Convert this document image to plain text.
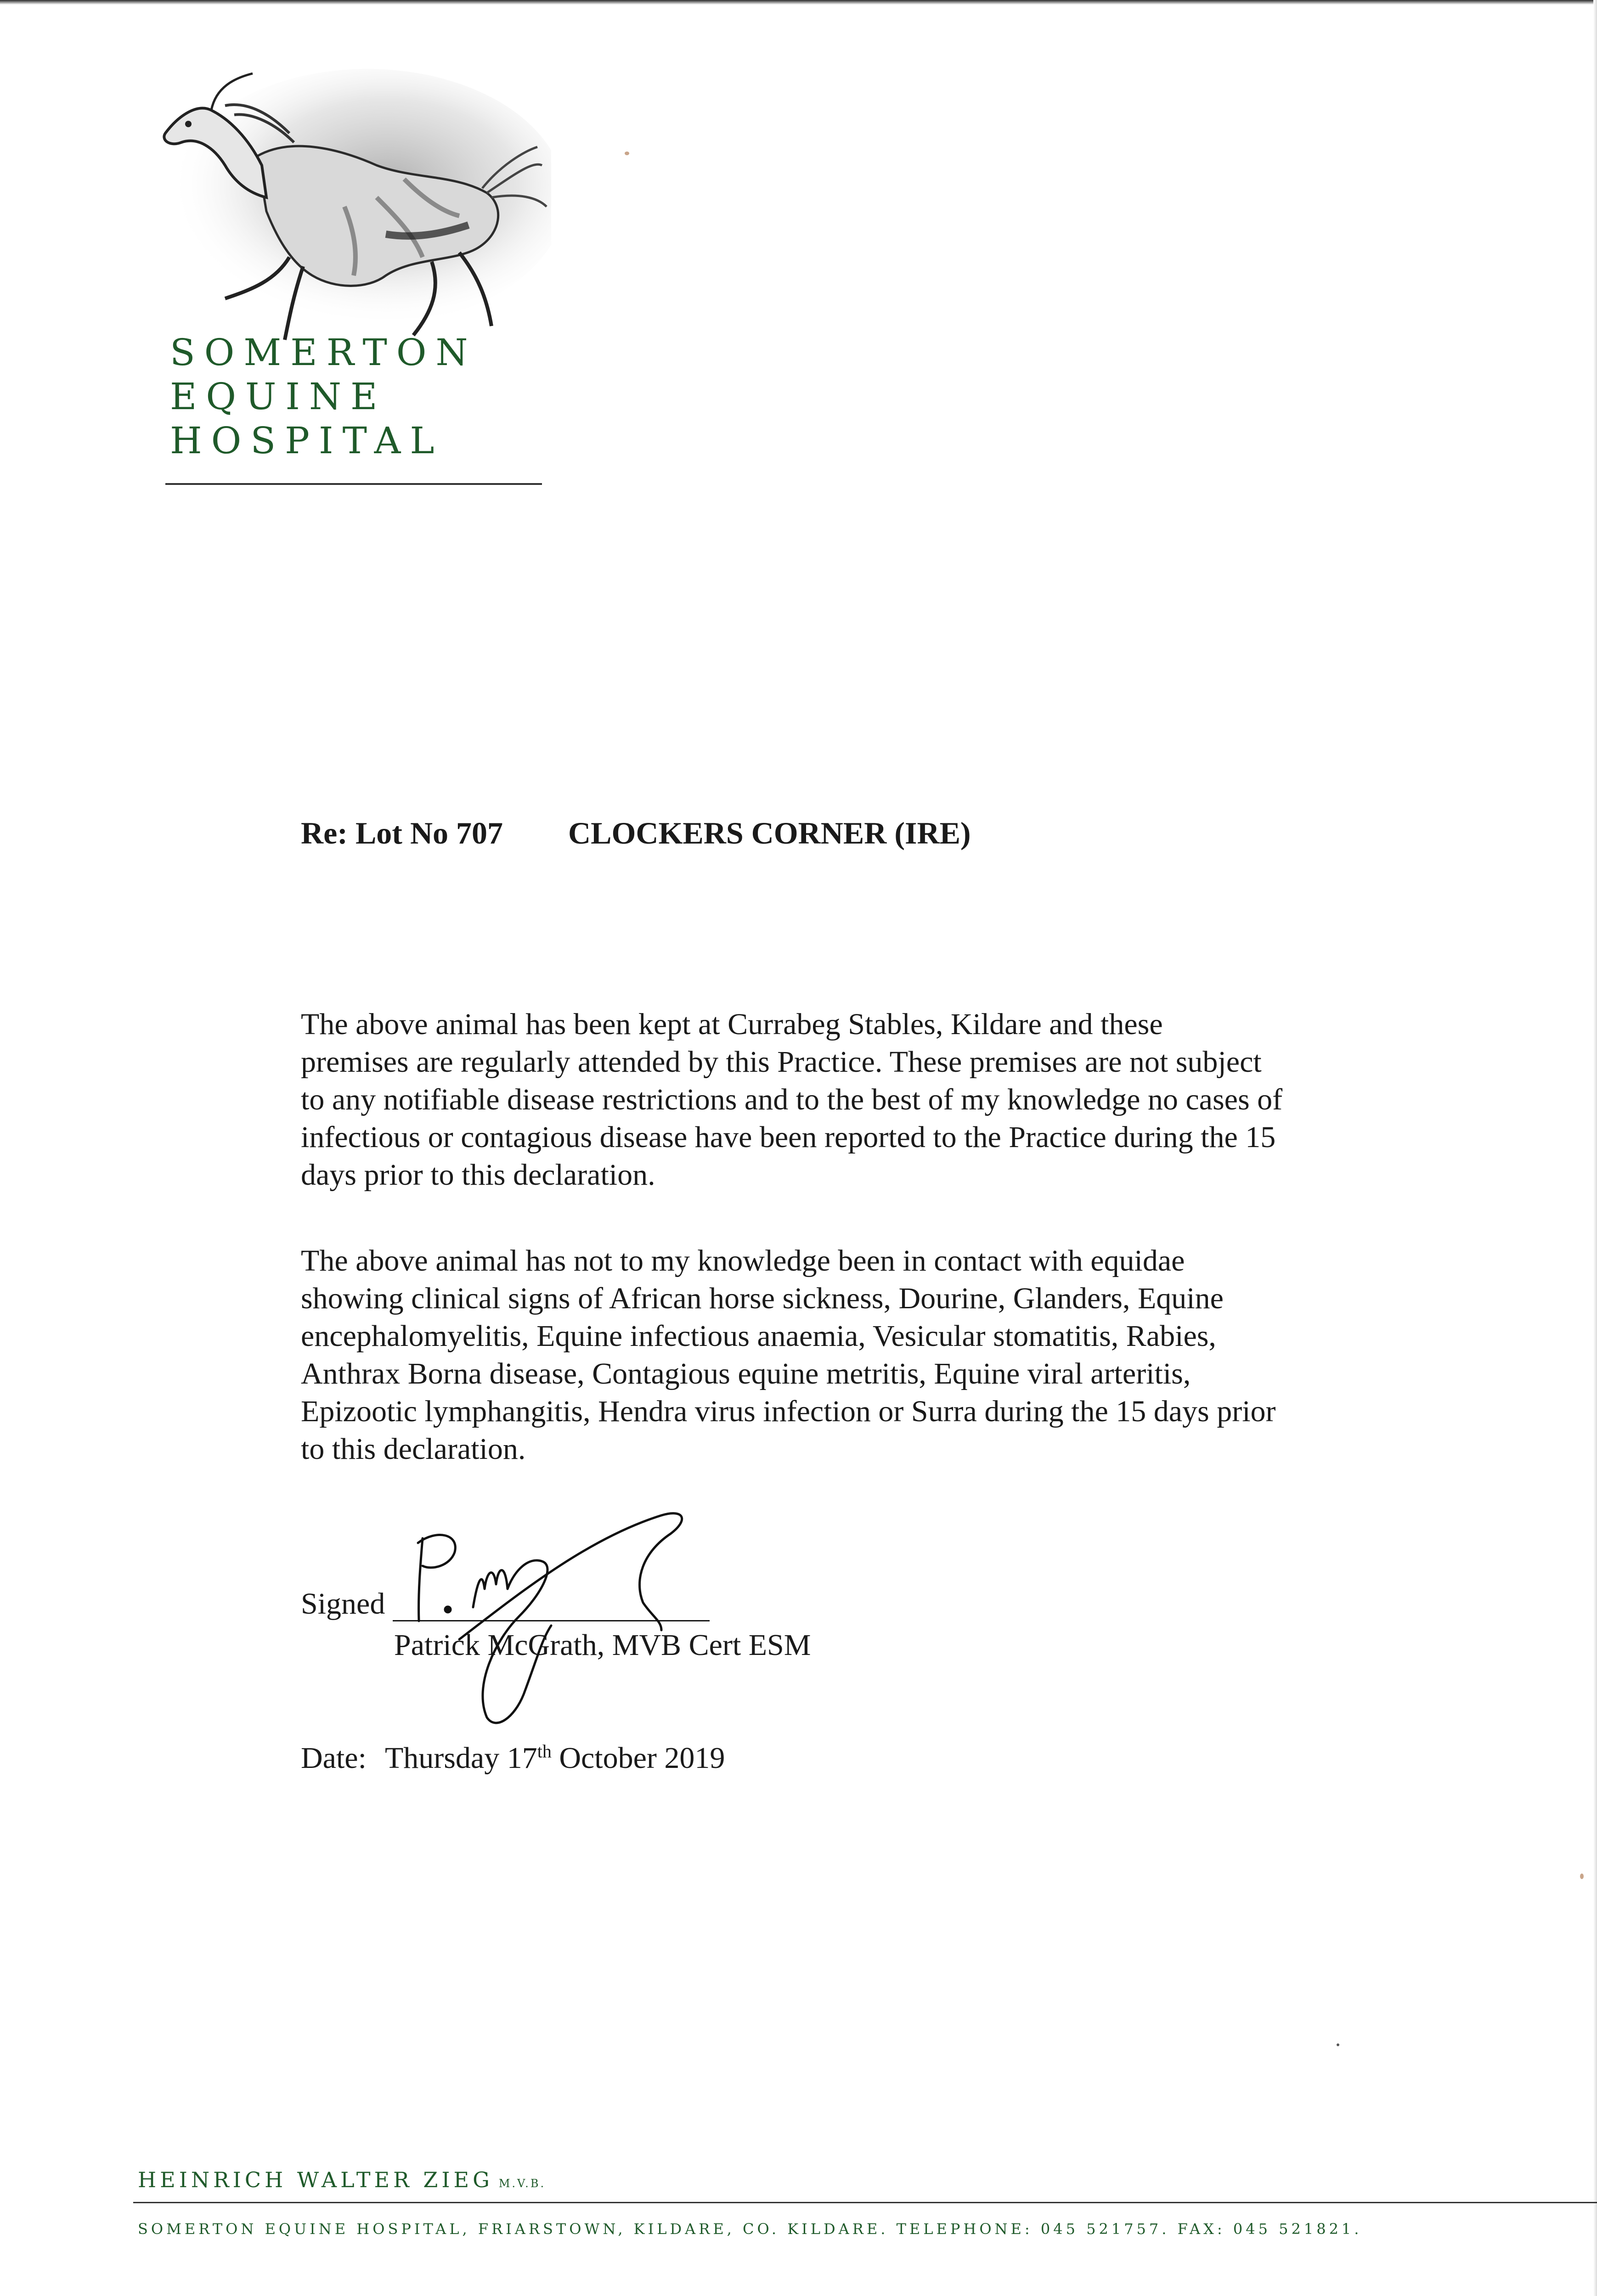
SOMERTON
EQUINE
HOSPITAL
Re: Lot No 707 CLOCKERS CORNER (IRE)
The above animal has been kept at Currabeg Stables, Kildare and these
premises are regularly attended by this Practice. These premises are not subject
to any notifiable disease restrictions and to the best of my knowledge no cases of
infectious or contagious disease have been reported to the Practice during the 15
days prior to this declaration.
The above animal has not to my knowledge been in contact with equidae
showing clinical signs of African horse sickness, Dourine, Glanders, Equine
encephalomyelitis, Equine infectious anaemia, Vesicular stomatitis, Rabies,
Anthrax Borna disease, Contagious equine metritis, Equine viral arteritis,
Epizootic lymphangitis, Hendra virus infection or Surra during the 15 days prior
to this declaration.
Signed
Patrick McGrath, MVB Cert ESM
Date: Thursday 17th October 2019
HEINRICH WALTER ZIEG M.V.B.
SOMERTON EQUINE HOSPITAL, FRIARSTOWN, KILDARE, CO. KILDARE. TELEPHONE: 045 521757. FAX: 045 521821.
